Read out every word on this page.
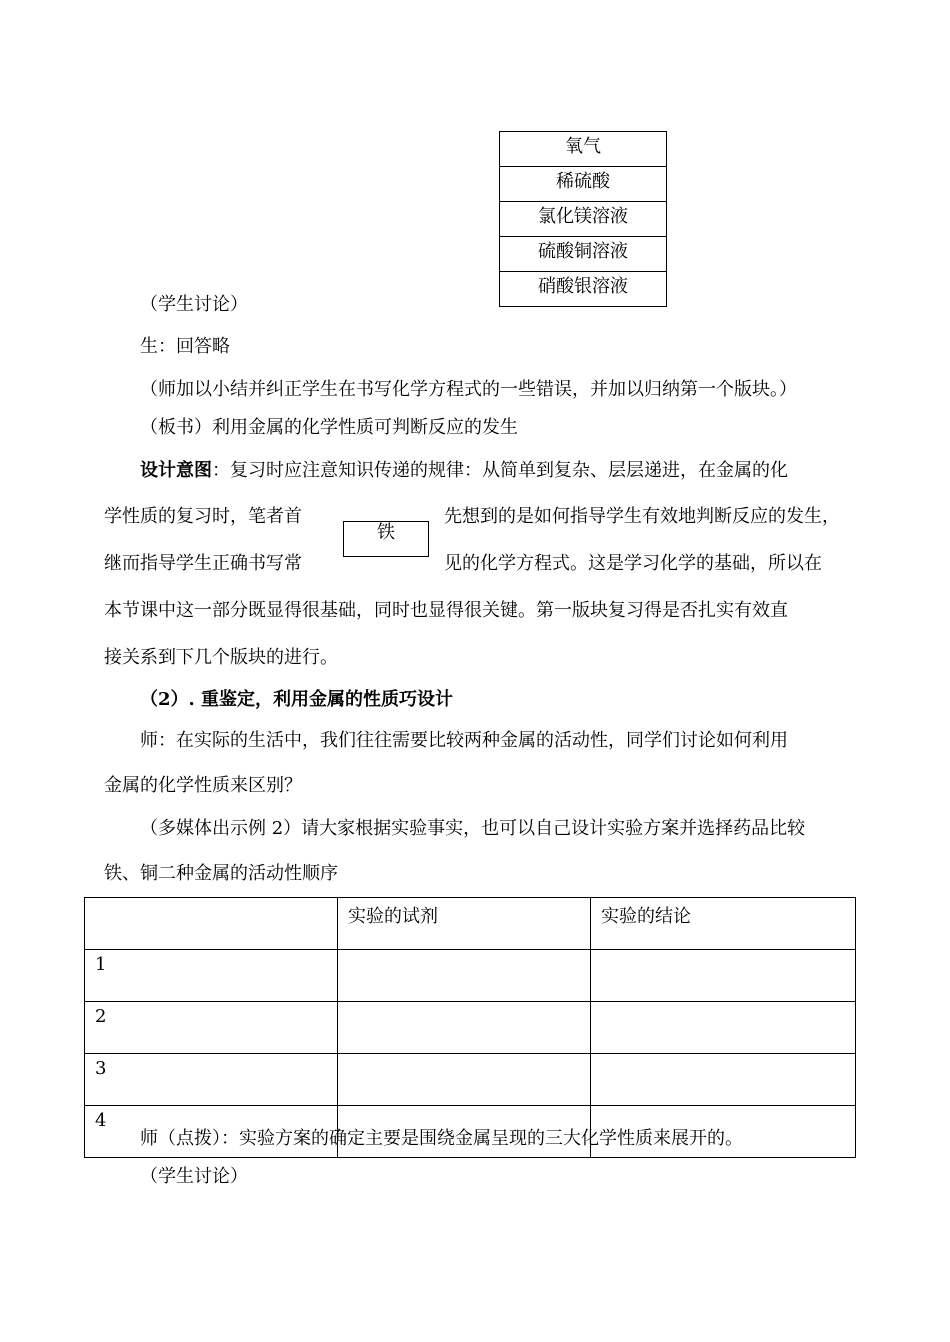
氧气
稀硫酸
氯化镁溶液
硫酸铜溶液
硝酸银溶液
（学生讨论）
生：回答略
（师加以小结并纠正学生在书写化学方程式的一些错误，并加以归纳第一个版块。）
（板书）利用金属的化学性质可判断反应的发生
设计意图：复习时应注意知识传递的规律：从简单到复杂、层层递进，在金属的化
学性质的复习时，笔者首	先想到的是如何指导学生有效地判断反应的发生，
铁
继而指导学生正确书写常	见的化学方程式。这是学习化学的基础，所以在
本节课中这一部分既显得很基础，同时也显得很关键。第一版块复习得是否扎实有效直
接关系到下几个版块的进行。
（2）. 重鉴定，利用金属的性质巧设计
师：在实际的生活中，我们往往需要比较两种金属的活动性，同学们讨论如何利用
金属的化学性质来区别？
（多媒体出示例 2）请大家根据实验事实，也可以自己设计实验方案并选择药品比较
铁、铜二种金属的活动性顺序
	实验的试剂	实验的结论
1		
2		
3		
4		
师（点拨）：实验方案的确定主要是围绕金属呈现的三大化学性质来展开的。
（学生讨论）
